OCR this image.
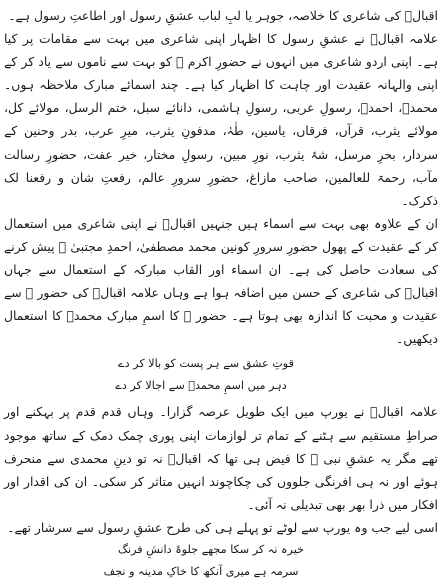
اقبالؒ کی شاعری کا خلاصہ، جوہر یا لبِ لباب عشقِ رسول اور اطاعتِ رسول ہے۔

علامہ اقبالؒ نے عشقِ رسول کا اظہار اپنی شاعری میں بہت سے مقامات پر کیا ہے۔ اپنی اردو شاعری میں انہوں نے حضورِ اکرم ﷺ کو بہت سے ناموں سے یاد کر کے اپنی والہانہ عقیدت اور چاہت کا اظہار کیا ہے۔ چند اسمائے مبارک ملاحظہ ہوں۔ محمدؐ، احمدؐ، رسولِ عربی، رسولِ ہاشمی، دانائے سبل، ختم الرسل، مولائے کل، مولائے یثرب، قرآں، فرقاں، یاسین، طٰہٰ، مدفونِ یثرب، میرِ عرب، بدر وحنین کے سردار، بحرِ مرسل، شۂ یثرب، نورِ مبین، رسولِ مختار، خیر عفت، حضورِ رسالت مآب، رحمۃ للعالمین، صاحب مازاغ، حضورِ سرورِ عالم، رفعتِ شان و رفعنا لک ذکرک۔

ان کے علاوہ بھی بہت سے اسماء ہیں جنہیں اقبالؒ نے اپنی شاعری میں استعمال کر کے عقیدت کے پھول حضورِ سرورِ کونین محمد مصطفیٰ، احمدِ مجتبیٰ ﷺ پیش کرنے کی سعادت حاصل کی ہے۔ ان اسماء اور القاب مبارکہ کے استعمال سے جہاں اقبالؒ کی شاعری کے حسن میں اضافہ ہوا ہے وہاں علامہ اقبالؒ کی حضور ﷺ سے عقیدت و محبت کا اندازہ بھی ہوتا ہے۔ حضور ﷺ کا اسمِ مبارک محمدؐ کا استعمال دیکھیں۔

قوتِ عشق سے ہر پست کو بالا کر دے

دہر میں اسمِ محمدؐ سے اجالا کر دے

علامہ اقبالؒ نے یورپ میں ایک طویل عرصہ گزارا۔ وہاں قدم قدم پر بہکنے اور صراطِ مستقیم سے ہٹنے کے تمام تر لوازمات اپنی پوری چمک دمک کے ساتھ موجود تھے مگر یہ عشقِ نبی ﷺ کا فیض ہی تھا کہ اقبالؒ نہ تو دینِ محمدی سے منحرف ہوئے اور نہ ہی افرنگی جلووں کی چکاچوند انہیں متاثر کر سکی۔ ان کی اقدار اور افکار میں ذرا بھر بھی تبدیلی نہ آئی۔

اسی لیے جب وہ یورپ سے لوٹے تو پہلے ہی کی طرح عشقِ رسول سے سرشار تھے۔

خیرہ نہ کر سکا مجھے جلوۂ دانشِ فرنگ

سرمہ ہے میری آنکھ کا خاکِ مدینہ و نجف
